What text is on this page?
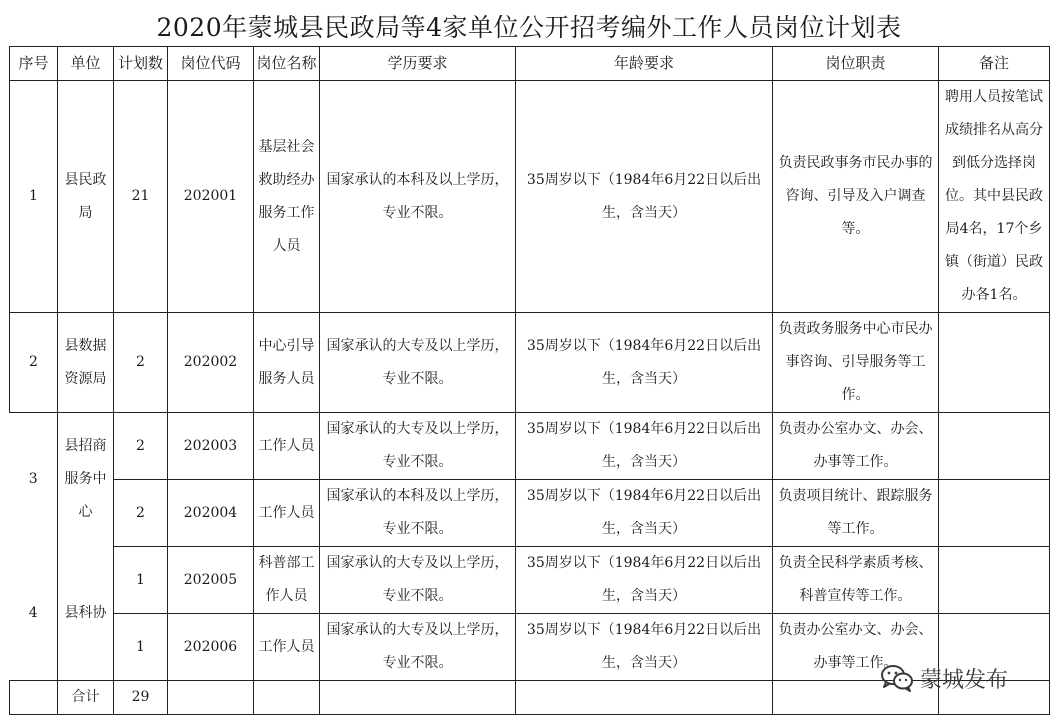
2020年蒙城县民政局等4家单位公开招考编外工作人员岗位计划表
序号	单位	计划数	岗位代码	岗位名称	学历要求	年龄要求	岗位职责	备注
1	县民政局	21	202001	基层社会救助经办服务工作人员	国家承认的本科及以上学历，专业不限。	35周岁以下（1984年6月22日以后出生，含当天）	负责民政事务市民办事的咨询、引导及入户调查等。	聘用人员按笔试成绩排名从高分到低分选择岗位。其中县民政局4名，17个乡镇（街道）民政办各1名。
2	县数据资源局	2	202002	中心引导服务人员	国家承认的大专及以上学历，专业不限。	35周岁以下（1984年6月22日以后出生，含当天）	负责政务服务中心市民办事咨询、引导服务等工作。	
3	县招商服务中心	2	202003	工作人员	国家承认的大专及以上学历，专业不限。	35周岁以下（1984年6月22日以后出生，含当天）	负责办公室办文、办会、办事等工作。	
		2	202004	工作人员	国家承认的本科及以上学历，专业不限。	35周岁以下（1984年6月22日以后出生，含当天）	负责项目统计、跟踪服务等工作。	
4	县科协	1	202005	科普部工作人员	国家承认的大专及以上学历，专业不限。	35周岁以下（1984年6月22日以后出生，含当天）	负责全民科学素质考核、科普宣传等工作。	
		1	202006	工作人员	国家承认的大专及以上学历，专业不限。	35周岁以下（1984年6月22日以后出生，含当天）	负责办公室办文、办会、办事等工作。	
	合计	29						
蒙城发布
